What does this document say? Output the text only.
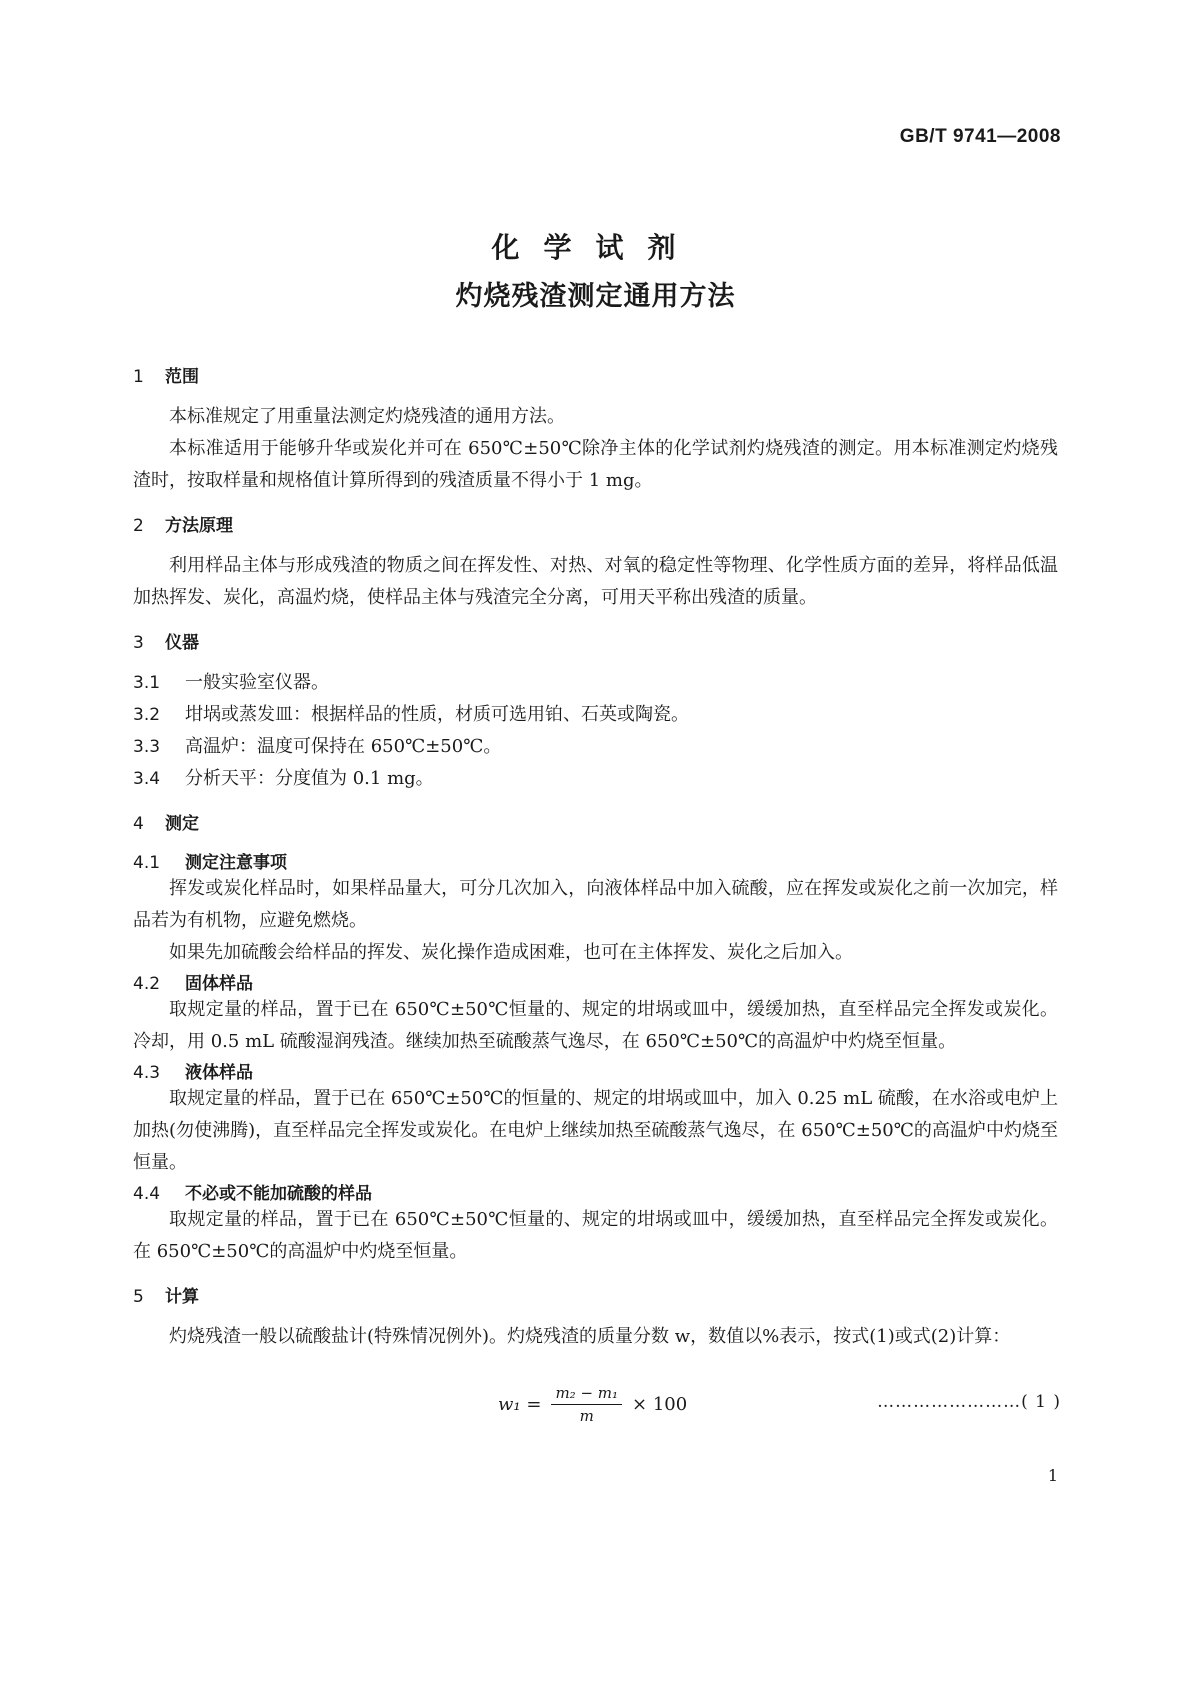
GB/T 9741—2008
化学试剂
灼烧残渣测定通用方法
1 范围

本标准规定了用重量法测定灼烧残渣的通用方法。

本标准适用于能够升华或炭化并可在 650℃±50℃除净主体的化学试剂灼烧残渣的测定。用本标准测定灼烧残渣时，按取样量和规格值计算所得到的残渣质量不得小于 1 mg。

2 方法原理

利用样品主体与形成残渣的物质之间在挥发性、对热、对氧的稳定性等物理、化学性质方面的差异，将样品低温加热挥发、炭化，高温灼烧，使样品主体与残渣完全分离，可用天平称出残渣的质量。

3 仪器
3.1 一般实验室仪器。
3.2 坩埚或蒸发皿：根据样品的性质，材质可选用铂、石英或陶瓷。
3.3 高温炉：温度可保持在 650℃±50℃。
3.4 分析天平：分度值为 0.1 mg。
4 测定
4.1 测定注意事项

挥发或炭化样品时，如果样品量大，可分几次加入，向液体样品中加入硫酸，应在挥发或炭化之前一次加完，样品若为有机物，应避免燃烧。

如果先加硫酸会给样品的挥发、炭化操作造成困难，也可在主体挥发、炭化之后加入。

4.2 固体样品

取规定量的样品，置于已在 650℃±50℃恒量的、规定的坩埚或皿中，缓缓加热，直至样品完全挥发或炭化。冷却，用 0.5 mL 硫酸湿润残渣。继续加热至硫酸蒸气逸尽，在 650℃±50℃的高温炉中灼烧至恒量。

4.3 液体样品

取规定量的样品，置于已在 650℃±50℃的恒量的、规定的坩埚或皿中，加入 0.25 mL 硫酸，在水浴或电炉上加热(勿使沸腾)，直至样品完全挥发或炭化。在电炉上继续加热至硫酸蒸气逸尽，在 650℃±50℃的高温炉中灼烧至恒量。

4.4 不必或不能加硫酸的样品

取规定量的样品，置于已在 650℃±50℃恒量的、规定的坩埚或皿中，缓缓加热，直至样品完全挥发或炭化。在 650℃±50℃的高温炉中灼烧至恒量。

5 计算

灼烧残渣一般以硫酸盐计(特殊情况例外)。灼烧残渣的质量分数 w，数值以%表示，按式(1)或式(2)计算：

$w_1 = \frac{\text{m₂ − m₁}}{m} \times 100$	……………………( 1 )
1
